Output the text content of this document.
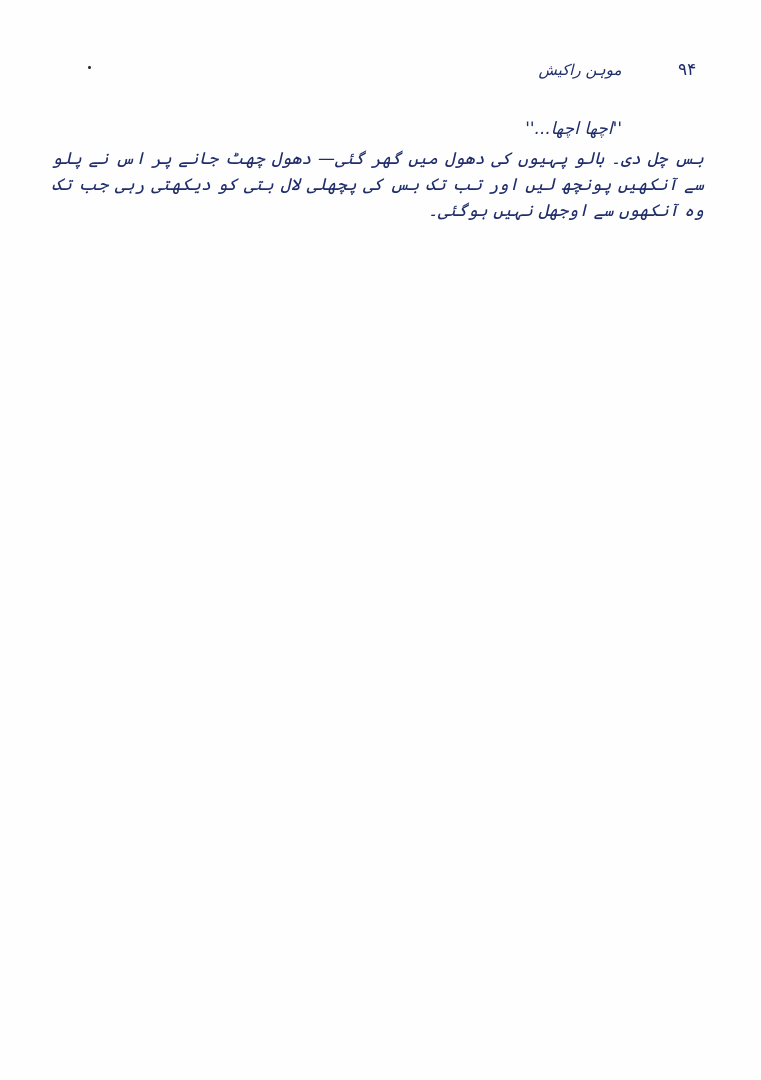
۹۴
موہن راکیش

''اچھا اچھا...''

بس چل دی۔ بالو پہیوں کی دھول میں گھر گئی— دھول چھٹ جانے پر اس نے پلو سے آنکھیں پونچھ لیں اور تب تک بس کی پچھلی لال بتی کو دیکھتی رہی جب تک وہ آنکھوں سے اوجھل نہیں ہوگئی۔
